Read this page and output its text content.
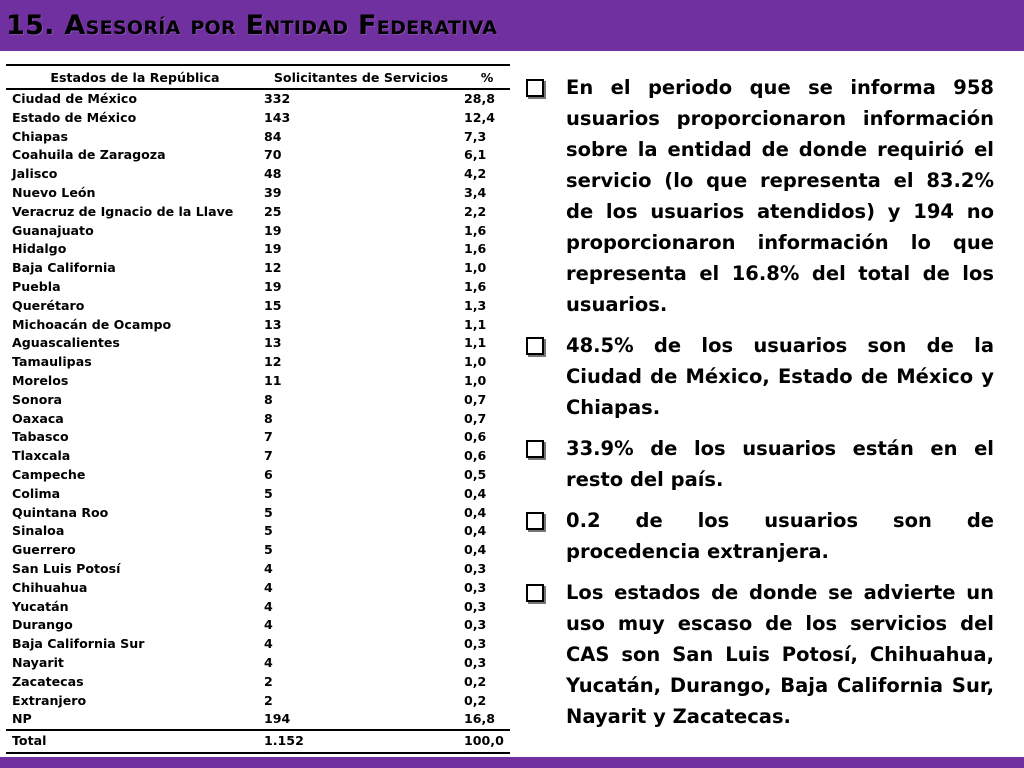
15. Asesoría por Entidad Federativa
Estados de la República	Solicitantes de Servicios	%
Ciudad de México	332	28,8
Estado de México	143	12,4
Chiapas	84	7,3
Coahuila de Zaragoza	70	6,1
Jalisco	48	4,2
Nuevo León	39	3,4
Veracruz de Ignacio de la Llave	25	2,2
Guanajuato	19	1,6
Hidalgo	19	1,6
Baja California	12	1,0
Puebla	19	1,6
Querétaro	15	1,3
Michoacán de Ocampo	13	1,1
Aguascalientes	13	1,1
Tamaulipas	12	1,0
Morelos	11	1,0
Sonora	8	0,7
Oaxaca	8	0,7
Tabasco	7	0,6
Tlaxcala	7	0,6
Campeche	6	0,5
Colima	5	0,4
Quintana Roo	5	0,4
Sinaloa	5	0,4
Guerrero	5	0,4
San Luis Potosí	4	0,3
Chihuahua	4	0,3
Yucatán	4	0,3
Durango	4	0,3
Baja California Sur	4	0,3
Nayarit	4	0,3
Zacatecas	2	0,2
Extranjero	2	0,2
NP	194	16,8
Total	1.152	100,0
En el periodo que se informa 958 usuarios proporcionaron información sobre la entidad de donde requirió el servicio (lo que representa el 83.2% de los usuarios atendidos) y 194 no proporcionaron información lo que representa el 16.8% del total de los usuarios.
48.5% de los usuarios son de la Ciudad de México, Estado de México y Chiapas.
33.9% de los usuarios están en el resto del país.
0.2 de los usuarios son de procedencia extranjera.
Los estados de donde se advierte un uso muy escaso de los servicios del CAS son San Luis Potosí, Chihuahua, Yucatán, Durango, Baja California Sur, Nayarit y Zacatecas.
